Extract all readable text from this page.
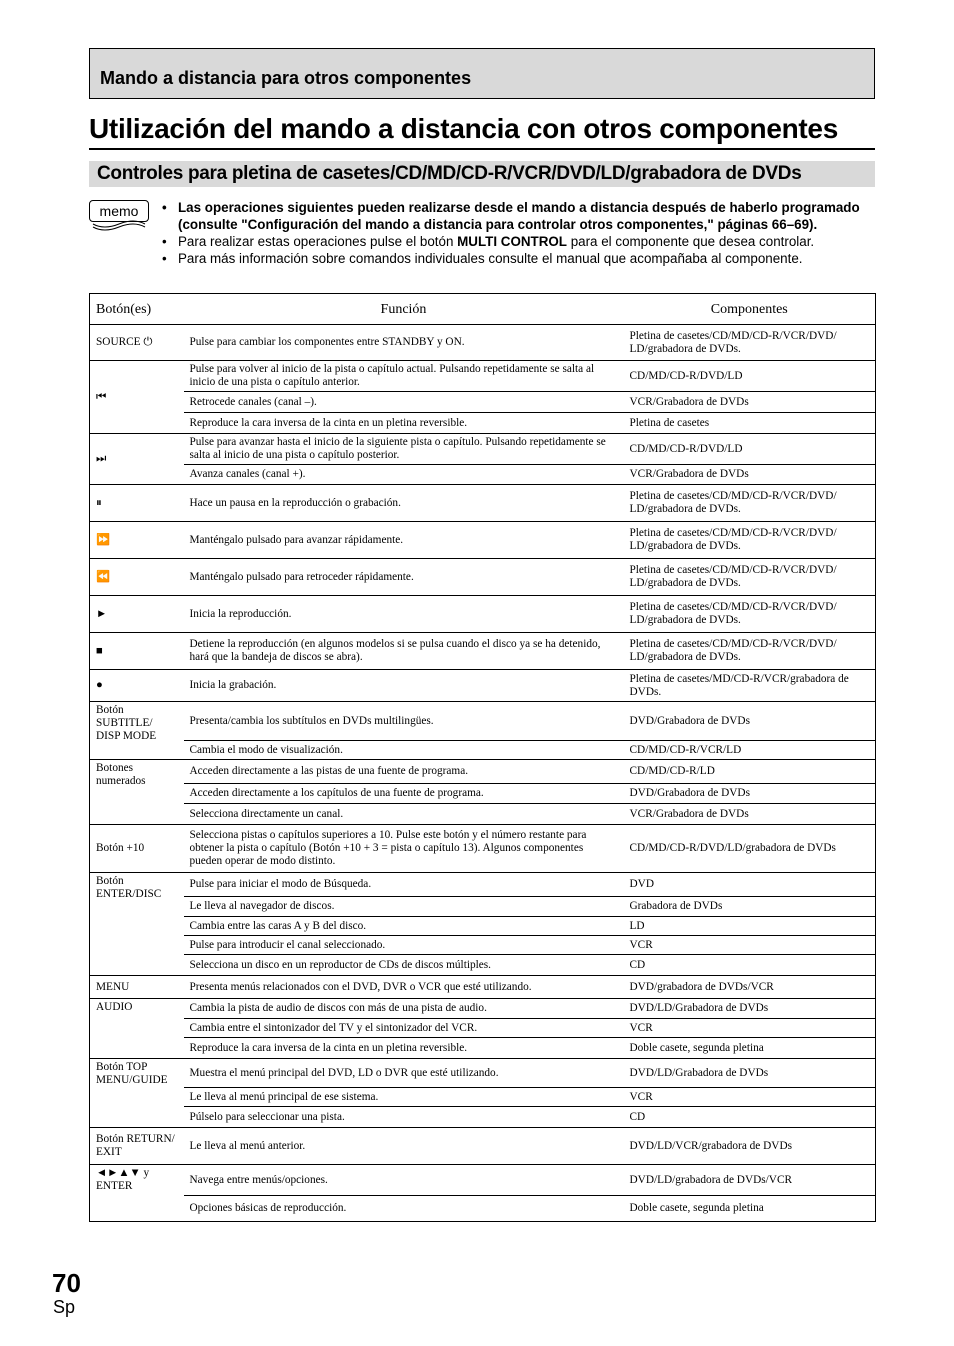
Mando a distancia para otros componentes
Utilización del mando a distancia con otros componentes
Controles para pletina de casetes/CD/MD/CD-R/VCR/DVD/LD/grabadora de DVDs
memo	• Las operaciones siguientes pueden realizarse desde el mando a distancia después de haberlo programado (consulte "Configuración del mando a distancia para controlar otros componentes," páginas 66–69).
• Para realizar estas operaciones pulse el botón MULTI CONTROL para el componente que desea controlar.
• Para más información sobre comandos individuales consulte el manual que acompañaba al componente.
Botón(es)	Función	Componentes
SOURCE ⏻	Pulse para cambiar los componentes entre STANDBY y ON.	Pletina de casetes/CD/MD/CD-R/VCR/DVD/ LD/grabadora de DVDs.
⏮	Pulse para volver al inicio de la pista o capítulo actual. Pulsando repetidamente se salta al inicio de una pista o capítulo anterior.	CD/MD/CD-R/DVD/LD
	Retrocede canales (canal –).	VCR/Grabadora de DVDs
	Reproduce la cara inversa de la cinta en un pletina reversible.	Pletina de casetes
⏭	Pulse para avanzar hasta el inicio de la siguiente pista o capítulo. Pulsando repetidamente se salta al inicio de una pista o capítulo posterior.	CD/MD/CD-R/DVD/LD
	Avanza canales (canal +).	VCR/Grabadora de DVDs
⏸	Hace un pausa en la reproducción o grabación.	Pletina de casetes/CD/MD/CD-R/VCR/DVD/ LD/grabadora de DVDs.
⏩	Manténgalo pulsado para avanzar rápidamente.	Pletina de casetes/CD/MD/CD-R/VCR/DVD/ LD/grabadora de DVDs.
⏪	Manténgalo pulsado para retroceder rápidamente.	Pletina de casetes/CD/MD/CD-R/VCR/DVD/ LD/grabadora de DVDs.
►	Inicia la reproducción.	Pletina de casetes/CD/MD/CD-R/VCR/DVD/ LD/grabadora de DVDs.
■	Detiene la reproducción (en algunos modelos si se pulsa cuando el disco ya se ha detenido, hará que la bandeja de discos se abra).	Pletina de casetes/CD/MD/CD-R/VCR/DVD/ LD/grabadora de DVDs.
●	Inicia la grabación.	Pletina de casetes/MD/CD-R/VCR/grabadora de DVDs.
Botón SUBTITLE/ DISP MODE	Presenta/cambia los subtítulos en DVDs multilingües.	DVD/Grabadora de DVDs
	Cambia el modo de visualización.	CD/MD/CD-R/VCR/LD
Botones numerados	Acceden directamente a las pistas de una fuente de programa.	CD/MD/CD-R/LD
	Acceden directamente a los capítulos de una fuente de programa.	DVD/Grabadora de DVDs
	Selecciona directamente un canal.	VCR/Grabadora de DVDs
Botón +10	Selecciona pistas o capítulos superiores a 10. Pulse este botón y el número restante para obtener la pista o capítulo (Botón +10 + 3 = pista o capítulo 13). Algunos componentes pueden operar de modo distinto.	CD/MD/CD-R/DVD/LD/grabadora de DVDs
Botón ENTER/DISC	Pulse para iniciar el modo de Búsqueda.	DVD
	Le lleva al navegador de discos.	Grabadora de DVDs
	Cambia entre las caras A y B del disco.	LD
	Pulse para introducir el canal seleccionado.	VCR
	Selecciona un disco en un reproductor de CDs de discos múltiples.	CD
MENU	Presenta menús relacionados con el DVD, DVR o VCR que esté utilizando.	DVD/grabadora de DVDs/VCR
AUDIO	Cambia la pista de audio de discos con más de una pista de audio.	DVD/LD/Grabadora de DVDs
	Cambia entre el sintonizador del TV y el sintonizador del VCR.	VCR
	Reproduce la cara inversa de la cinta en un pletina reversible.	Doble casete, segunda pletina
Botón TOP MENU/GUIDE	Muestra el menú principal del DVD, LD o DVR que esté utilizando.	DVD/LD/Grabadora de DVDs
	Le lleva al menú principal de ese sistema.	VCR
	Púlselo para seleccionar una pista.	CD
Botón RETURN/ EXIT	Le lleva al menú anterior.	DVD/LD/VCR/grabadora de DVDs
◄►▲▼ y ENTER	Navega entre menús/opciones.	DVD/LD/grabadora de DVDs/VCR
	Opciones básicas de reproducción.	Doble casete, segunda pletina
70
Sp
